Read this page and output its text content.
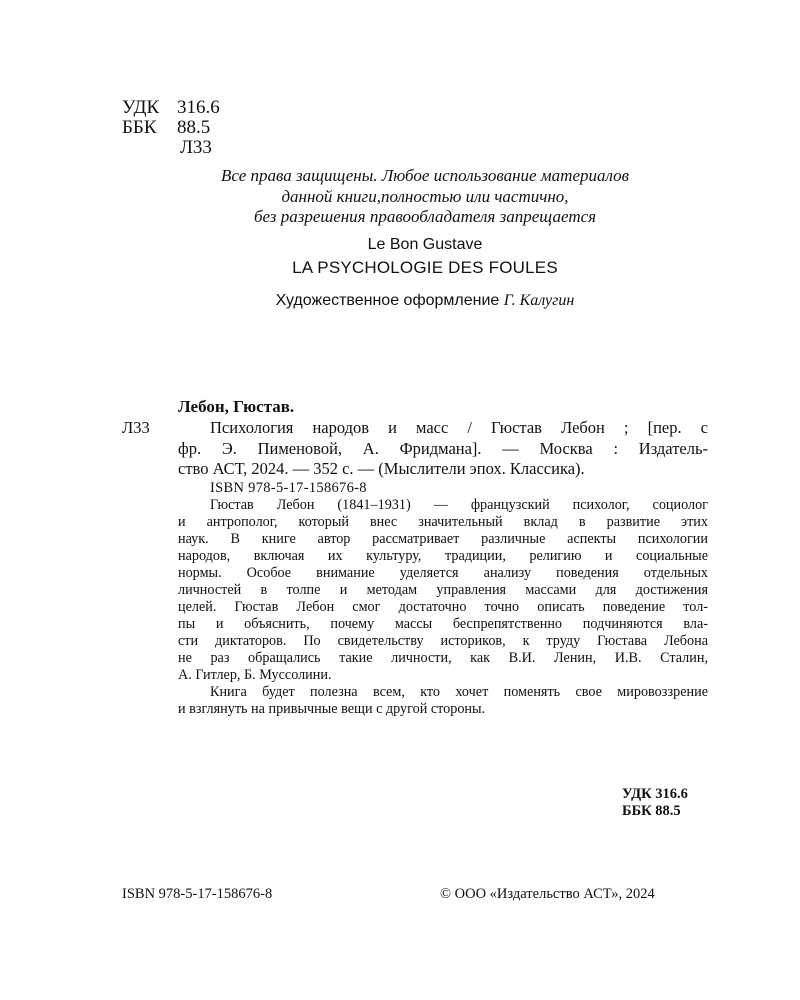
УДК 316.6
ББК 88.5
Л33
Все права защищены. Любое использование материалов
данной книги,полностью или частично,
без разрешения правообладателя запрещается
Le Bon Gustave
LA PSYCHOLOGIE DES FOULES
Художественное оформление Г. Калугин
Лебон, Гюстав.
Л33	Психология народов и масс / Гюстав Лебон ; [пер. с
фр. Э. Пименовой, А. Фридмана]. — Москва : Издатель-
ство АСТ, 2024. — 352 с. — (Мыслители эпох. Классика).
ISBN 978-5-17-158676-8
Гюстав Лебон (1841–1931) — французский психолог, социолог
и антрополог, который внес значительный вклад в развитие этих
наук. В книге автор рассматривает различные аспекты психологии
народов, включая их культуру, традиции, религию и социальные
нормы. Особое внимание уделяется анализу поведения отдельных
личностей в толпе и методам управления массами для достижения
целей. Гюстав Лебон смог достаточно точно описать поведение тол-
пы и объяснить, почему массы беспрепятственно подчиняются вла-
сти диктаторов. По свидетельству историков, к труду Гюстава Лебона
не раз обращались такие личности, как В.И. Ленин, И.В. Сталин,
А. Гитлер, Б. Муссолини.
Книга будет полезна всем, кто хочет поменять свое мировоззрение
и взглянуть на привычные вещи с другой стороны.
УДК 316.6
ББК 88.5
ISBN 978-5-17-158676-8	© ООО «Издательство АСТ», 2024
